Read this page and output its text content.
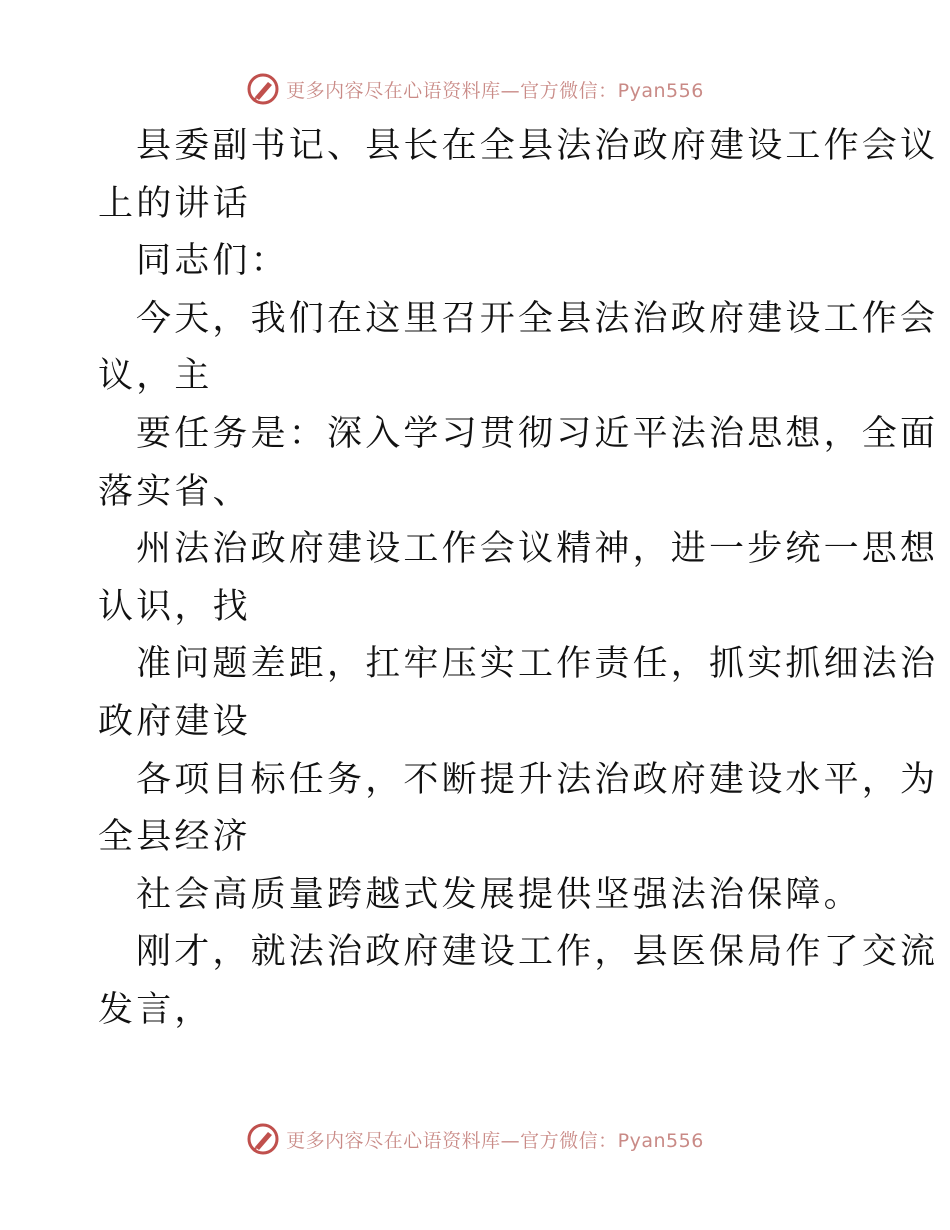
更多内容尽在心语资料库—官方微信：Pyan556
县委副书记、县长在全县法治政府建设工作会议
上的讲话
同志们：
今天，我们在这里召开全县法治政府建设工作会
议，主
要任务是：深入学习贯彻习近平法治思想，全面
落实省、
州法治政府建设工作会议精神，进一步统一思想
认识，找
准问题差距，扛牢压实工作责任，抓实抓细法治
政府建设
各项目标任务，不断提升法治政府建设水平，为
全县经济
社会高质量跨越式发展提供坚强法治保障。
刚才，就法治政府建设工作，县医保局作了交流
发言，
更多内容尽在心语资料库—官方微信：Pyan556
